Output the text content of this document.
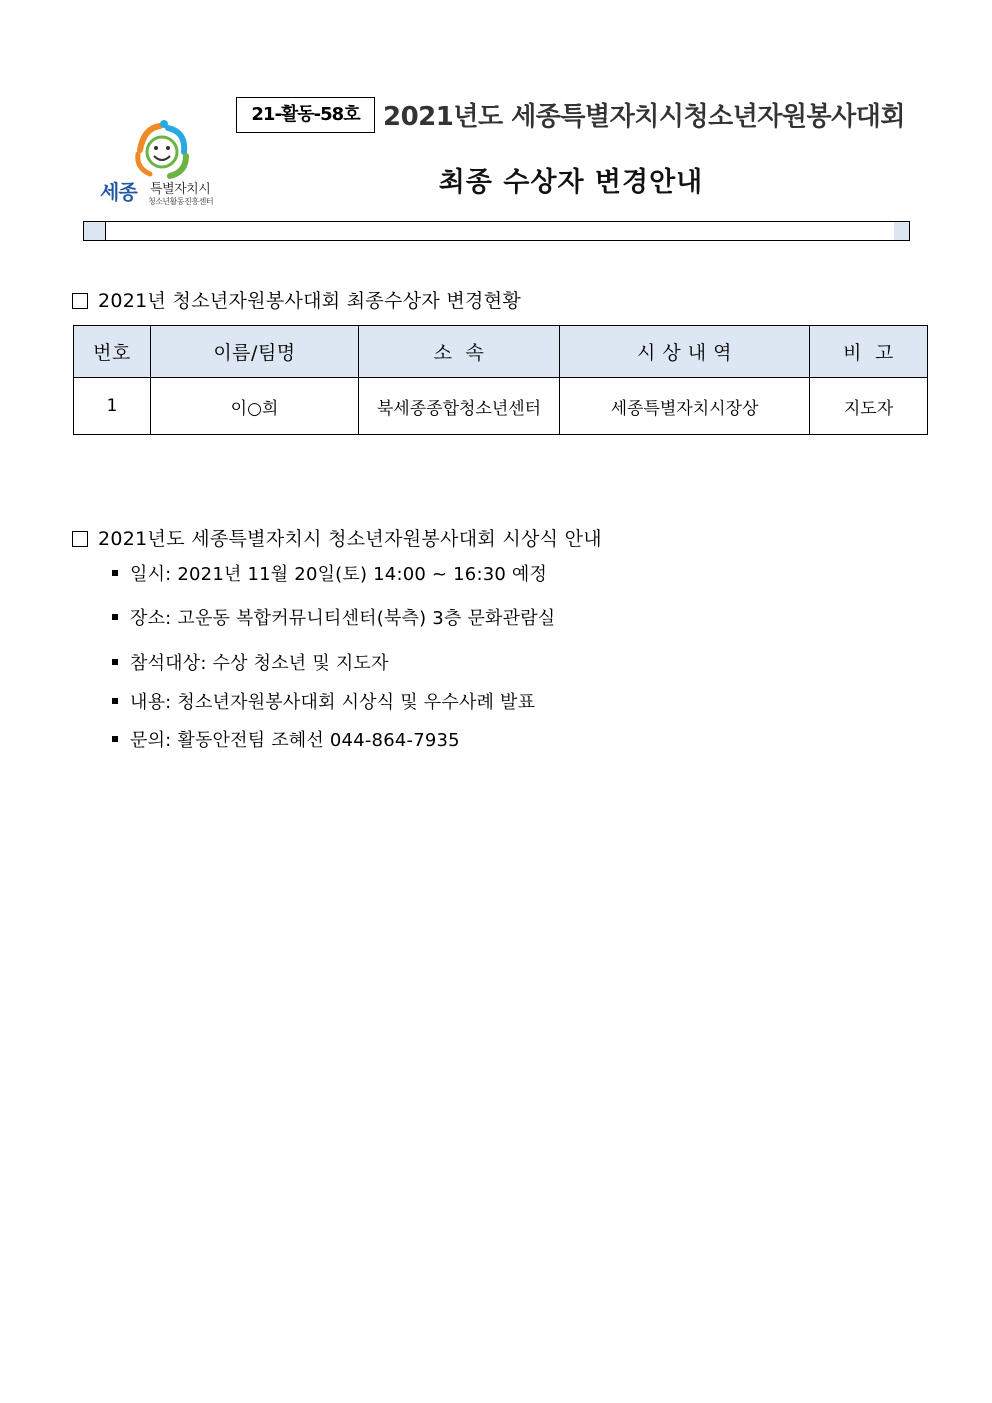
세종 특별자치시
청소년활동진흥센터
21-활동-58호 2021년도 세종특별자치시청소년자원봉사대회
최종 수상자 변경안내
2021년 청소년자원봉사대회 최종수상자 변경현황
번호	이름/팀명	소  속	시 상 내 역	비  고
1	이○희	북세종종합청소년센터	세종특별자치시장상	지도자
2021년도 세종특별자치시 청소년자원봉사대회 시상식 안내
일시: 2021년 11월 20일(토) 14:00 ~ 16:30 예정
장소: 고운동 복합커뮤니티센터(북측) 3층 문화관람실
참석대상: 수상 청소년 및 지도자
내용: 청소년자원봉사대회 시상식 및 우수사례 발표
문의: 활동안전팀 조혜선 044-864-7935
